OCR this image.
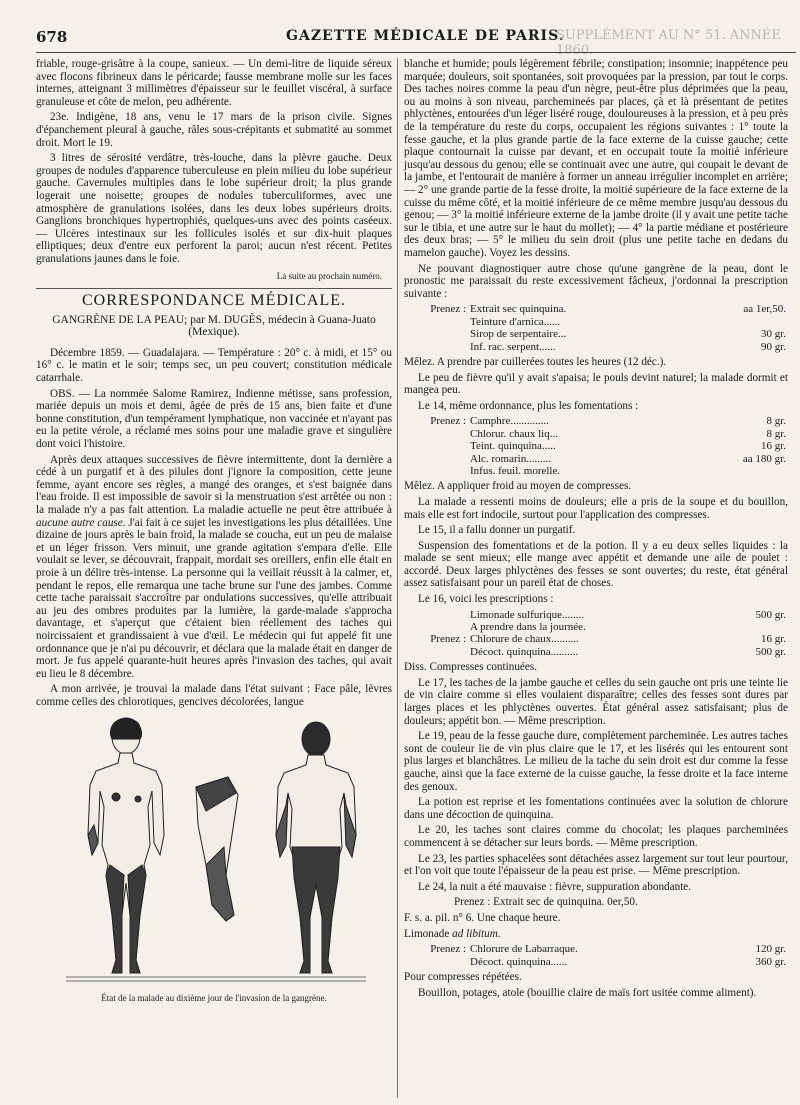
678	GAZETTE MÉDICALE DE PARIS.
SUPPLÉMENT AU N° 51. ANNÉE 1860.

friable, rouge-grisâtre à la coupe, sanieux. — Un demi-litre de liquide séreux avec flocons fibrineux dans le péricarde; fausse membrane molle sur les faces internes, atteignant 3 millimètres d'épaisseur sur le feuillet viscéral, à surface granuleuse et côte de melon, peu adhérente.

23e. Indigène, 18 ans, venu le 17 mars de la prison civile. Signes d'épanchement pleural à gauche, râles sous-crépitants et submatité au sommet droit. Mort le 19.

3 litres de sérosité verdâtre, très-louche, dans la plèvre gauche. Deux groupes de nodules d'apparence tuberculeuse en plein milieu du lobe supérieur gauche. Cavernules multiples dans le lobe supérieur droit; la plus grande logerait une noisette; groupes de nodules tuberculiformes, avec une atmosphère de granulations isolées, dans les deux lobes supérieurs droits. Ganglions bronchiques hypertrophiés, quelques-uns avec des points caséeux. — Ulcères intestinaux sur les follicules isolés et sur dix-huit plaques elliptiques; deux d'entre eux perforent la paroi; aucun n'est récent. Petites granulations jaunes dans le foie.

La suite au prochain numéro.

CORRESPONDANCE MÉDICALE.

GANGRÈNE DE LA PEAU; par M. DUGÈS, médecin à Guana-Juato (Mexique).

Décembre 1859. — Guadalajara. — Température : 20° c. à midi, et 15° ou 16° c. le matin et le soir; temps sec, un peu couvert; constitution médicale catarrhale.

OBS. — La nommée Salome Ramirez, Indienne métisse, sans profession, mariée depuis un mois et demi, âgée de près de 15 ans, bien faite et d'une bonne constitution, d'un tempérament lymphatique, non vaccinée et n'ayant pas eu la petite vérole, a réclamé mes soins pour une maladie grave et singulière dont voici l'histoire.

Après deux attaques successives de fièvre intermittente, dont la dernière a cédé à un purgatif et à des pilules dont j'ignore la composition, cette jeune femme, ayant encore ses règles, a mangé des oranges, et s'est baignée dans l'eau froide. Il est impossible de savoir si la menstruation s'est arrêtée ou non : la malade n'y a pas fait attention. La maladie actuelle ne peut être attribuée à aucune autre cause. J'ai fait à ce sujet les investigations les plus détaillées. Une dizaine de jours après le bain froid, la malade se coucha, eut un peu de malaise et un léger frisson. Vers minuit, une grande agitation s'empara d'elle. Elle voulait se lever, se découvrait, frappait, mordait ses oreillers, enfin elle était en proie à un délire très-intense. La personne qui la veillait réussit à la calmer, et, pendant le repos, elle remarqua une tache brune sur l'une des jambes. Comme cette tache paraissait s'accroître par ondulations successives, qu'elle attribuait au jeu des ombres produites par la lumière, la garde-malade s'approcha davantage, et s'aperçut que c'étaient bien réellement des taches qui noircissaient et grandissaient à vue d'œil. Le médecin qui fut appelé fit une ordonnance que je n'ai pu découvrir, et déclara que la malade était en danger de mort. Je fus appelé quarante-huit heures après l'invasion des taches, qui avait eu lieu le 8 décembre.

A mon arrivée, je trouvai la malade dans l'état suivant : Face pâle, lèvres comme celles des chlorotiques, gencives décolorées, langue

État de la malade au dixième jour de l'invasion de la gangrène.

blanche et humide; pouls légèrement fébrile; constipation; insomnie; inappétence peu marquée; douleurs, soit spontanées, soit provoquées par la pression, par tout le corps. Des taches noires comme la peau d'un nègre, peut-être plus déprimées que la peau, ou au moins à son niveau, parchemineés par places, çà et là présentant de petites phlyctènes, entourées d'un léger liséré rouge, douloureuses à la pression, et à peu près de la température du reste du corps, occupaient les régions suivantes : 1° toute la fesse gauche, et la plus grande partie de la face externe de la cuisse gauche; cette plaque contournait la cuisse par devant, et en occupait toute la moitié inférieure jusqu'au dessous du genou; elle se continuait avec une autre, qui coupait le devant de la jambe, et l'entourait de manière à former un anneau irrégulier incomplet en arrière; — 2° une grande partie de la fesse droite, la moitié supérieure de la face externe de la cuisse du même côté, et la moitié inférieure de ce même membre jusqu'au dessous du genou; — 3° la moitié inférieure externe de la jambe droite (il y avait une petite tache sur le tibia, et une autre sur le haut du mollet); — 4° la partie médiane et postérieure des deux bras; — 5° le milieu du sein droit (plus une petite tache en dedans du mamelon gauche). Voyez les dessins.

Ne pouvant diagnostiquer autre chose qu'une gangrène de la peau, dont le pronostic me paraissait du reste excessivement fâcheux, j'ordonnai la prescription suivante :

Prenez :	Extrait sec quinquina.	aa 1er,50.
	Teinture d'arnica......	
	Sirop de serpentaire...	30 gr.
	Inf. rac. serpent......	90 gr.

Mêlez. A prendre par cuillerées toutes les heures (12 déc.).

Le peu de fièvre qu'il y avait s'apaisa; le pouls devint naturel; la malade dormit et mangea peu.

Le 14, même ordonnance, plus les fomentations :

Prenez :	Camphre..............	8 gr.
	Chlorur. chaux liq...	8 gr.
	Teint. quinquina.....	16 gr.
	Alc. romarin.........	aa 180 gr.
	Infus. feuil. morelle.	

Mêlez. A appliquer froid au moyen de compresses.

La malade a ressenti moins de douleurs; elle a pris de la soupe et du bouillon, mais elle est fort indocile, surtout pour l'application des compresses.

Le 15, il a fallu donner un purgatif.

Suspension des fomentations et de la potion. Il y a eu deux selles liquides : la malade se sent mieux; elle mange avec appétit et demande une aile de poulet : accordé. Deux larges phlyctènes des fesses se sont ouvertes; du reste, état général assez satisfaisant pour un pareil état de choses.

Le 16, voici les prescriptions :

	Limonade sulfurique........	500 gr.
	A prendre dans la journée.	
Prenez :	Chlorure de chaux..........	16 gr.
	Décoct. quinquina..........	500 gr.

Diss. Compresses continuées.

Le 17, les taches de la jambe gauche et celles du sein gauche ont pris une teinte lie de vin claire comme si elles voulaient disparaître; celles des fesses sont dures par larges places et les phlyctènes ouvertes. État général assez satisfaisant; plus de douleurs; appétit bon. — Même prescription.

Le 19, peau de la fesse gauche dure, complètement parcheminée. Les autres taches sont de couleur lie de vin plus claire que le 17, et les lisérés qui les entourent sont plus larges et blanchâtres. Le milieu de la tache du sein droit est dur comme la fesse gauche, ainsi que la face externe de la cuisse gauche, la fesse droite et la face interne des genoux.

La potion est reprise et les fomentations continuées avec la solution de chlorure dans une décoction de quinquina.

Le 20, les taches sont claires comme du chocolat; les plaques parcheminées commencent à se détacher sur leurs bords. — Même prescription.

Le 23, les parties sphacelées sont détachées assez largement sur tout leur pourtour, et l'on voit que toute l'épaisseur de la peau est prise. — Même prescription.

Le 24, la nuit a été mauvaise : fièvre, suppuration abondante.

Prenez : Extrait sec de quinquina. 0er,50.

F. s. a. pil. n° 6. Une chaque heure.

Limonade ad libitum.

Prenez :	Chlorure de Labarraque.	120 gr.
	Décoct. quinquina......	360 gr.

Pour compresses répétées.

Bouillon, potages, atole (bouillie claire de maïs fort usitée comme aliment).
